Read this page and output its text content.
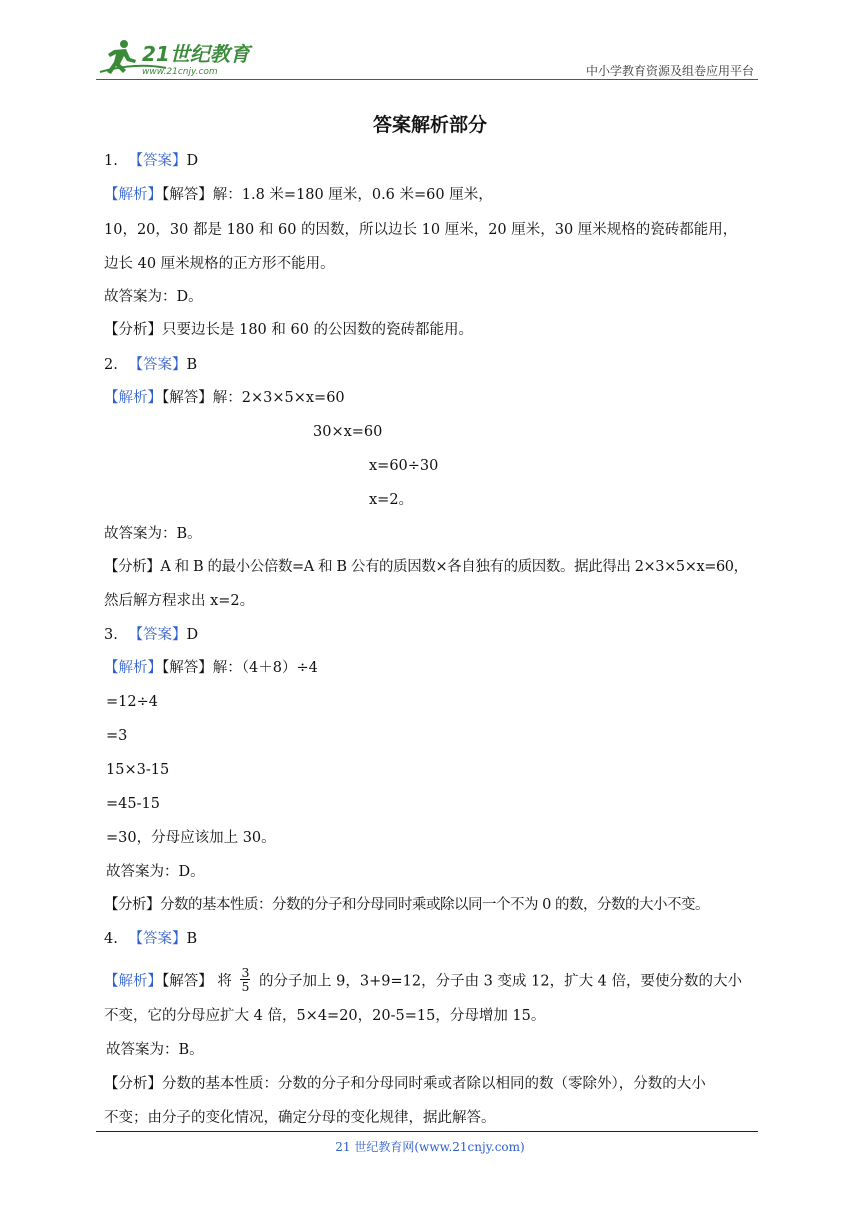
21世纪教育
www.21cnjy.com	中小学教育资源及组卷应用平台
答案解析部分
1. 【答案】D
【解析】【解答】解：1.8 米=180 厘米，0.6 米=60 厘米，
10，20，30 都是 180 和 60 的因数，所以边长 10 厘米，20 厘米，30 厘米规格的瓷砖都能用，
边长 40 厘米规格的正方形不能用。
故答案为：D。
【分析】只要边长是 180 和 60 的公因数的瓷砖都能用。
2. 【答案】B
【解析】【解答】解：2×3×5×x=60
30×x=60
x=60÷30
x=2。
故答案为：B。
【分析】A 和 B 的最小公倍数=A 和 B 公有的质因数×各自独有的质因数。据此得出 2×3×5×x=60，
然后解方程求出 x=2。
3. 【答案】D
【解析】【解答】解：（4＋8）÷4
=12÷4
=3
15×3-15
=45-15
=30，分母应该加上 30。
故答案为：D。
【分析】分数的基本性质：分数的分子和分母同时乘或除以同一个不为 0 的数，分数的大小不变。
4. 【答案】B
【解析】【解答】 将 $\frac{3}{5}$ 的分子加上 9，3+9=12，分子由 3 变成 12，扩大 4 倍，要使分数的大小
不变，它的分母应扩大 4 倍，5×4=20，20-5=15，分母增加 15。
故答案为：B。
【分析】分数的基本性质：分数的分子和分母同时乘或者除以相同的数（零除外），分数的大小
不变；由分子的变化情况，确定分母的变化规律，据此解答。
21 世纪教育网(www.21cnjy.com)
